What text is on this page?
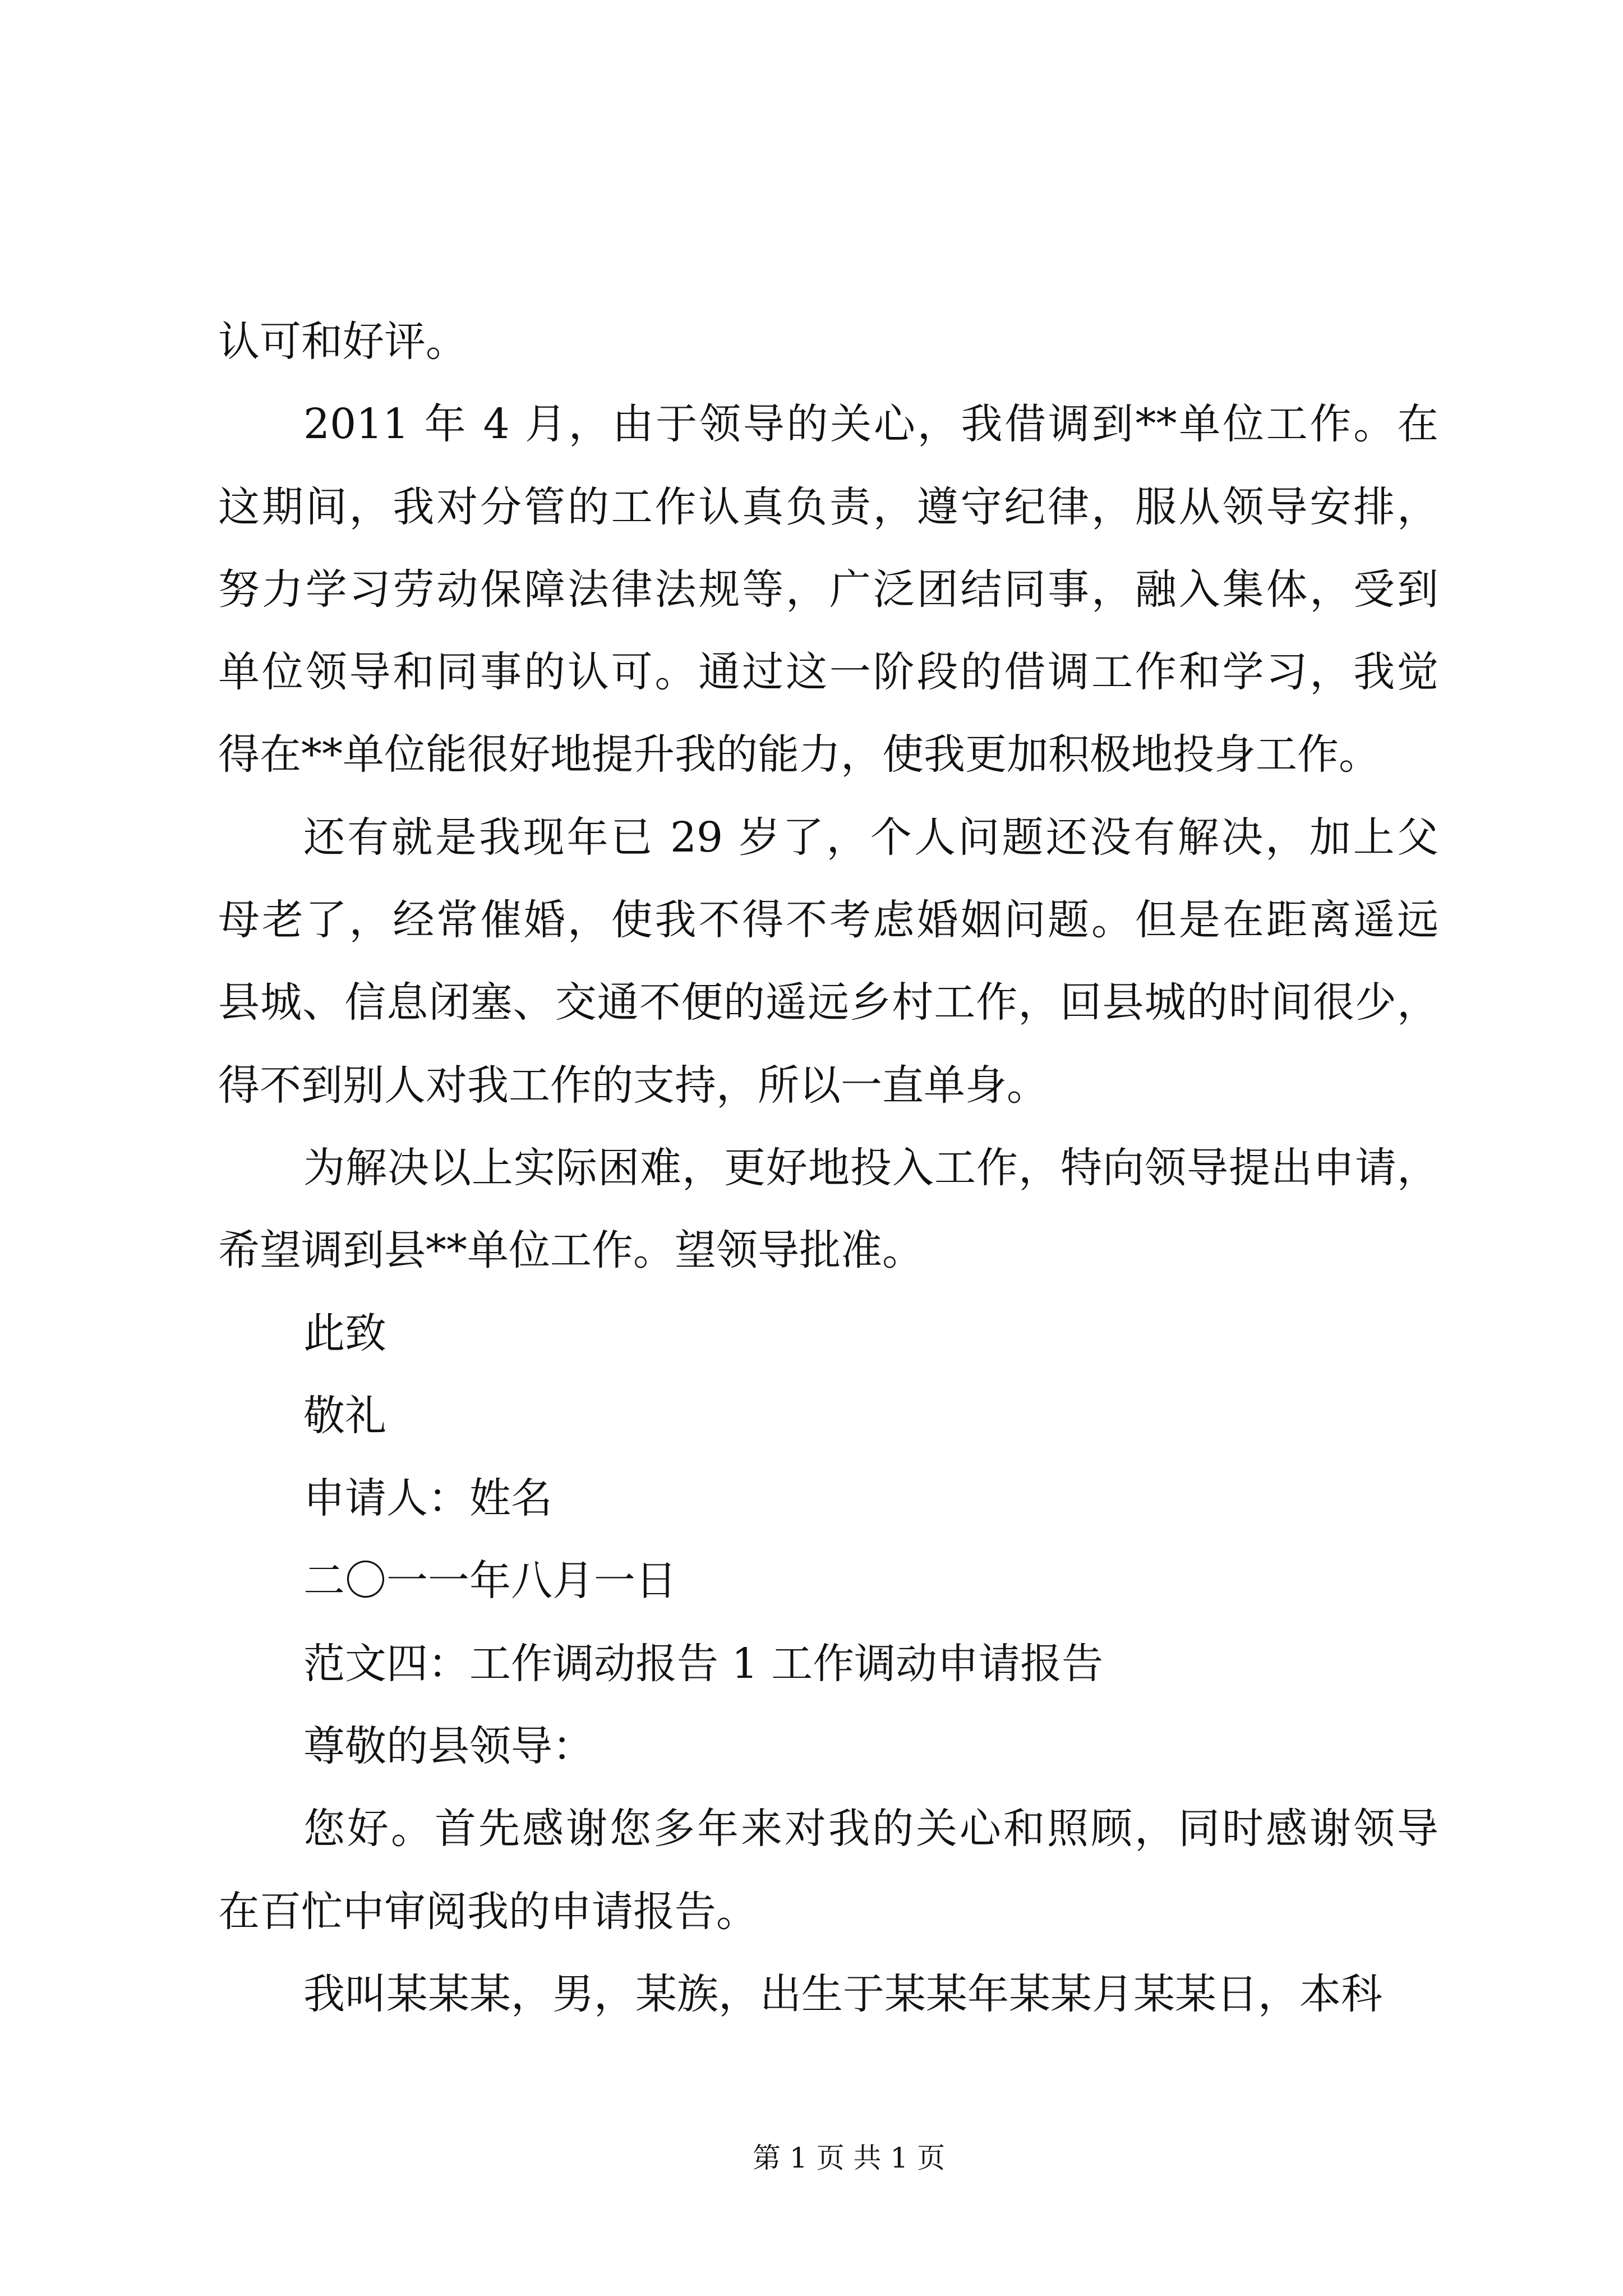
认可和好评。
2011 年 4 月，由于领导的关心，我借调到**单位工作。在
这期间，我对分管的工作认真负责，遵守纪律，服从领导安排，
努力学习劳动保障法律法规等，广泛团结同事，融入集体，受到
单位领导和同事的认可。通过这一阶段的借调工作和学习，我觉
得在**单位能很好地提升我的能力，使我更加积极地投身工作。
还有就是我现年已 29 岁了，个人问题还没有解决，加上父
母老了，经常催婚，使我不得不考虑婚姻问题。但是在距离遥远
县城、信息闭塞、交通不便的遥远乡村工作，回县城的时间很少，
得不到别人对我工作的支持，所以一直单身。
为解决以上实际困难，更好地投入工作，特向领导提出申请，
希望调到县**单位工作。望领导批准。
此致
敬礼
申请人：姓名
二〇一一年八月一日
范文四：工作调动报告 1 工作调动申请报告
尊敬的县领导：
您好。首先感谢您多年来对我的关心和照顾，同时感谢领导
在百忙中审阅我的申请报告。
我叫某某某，男，某族，出生于某某年某某月某某日，本科
第 1 页 共 1 页
